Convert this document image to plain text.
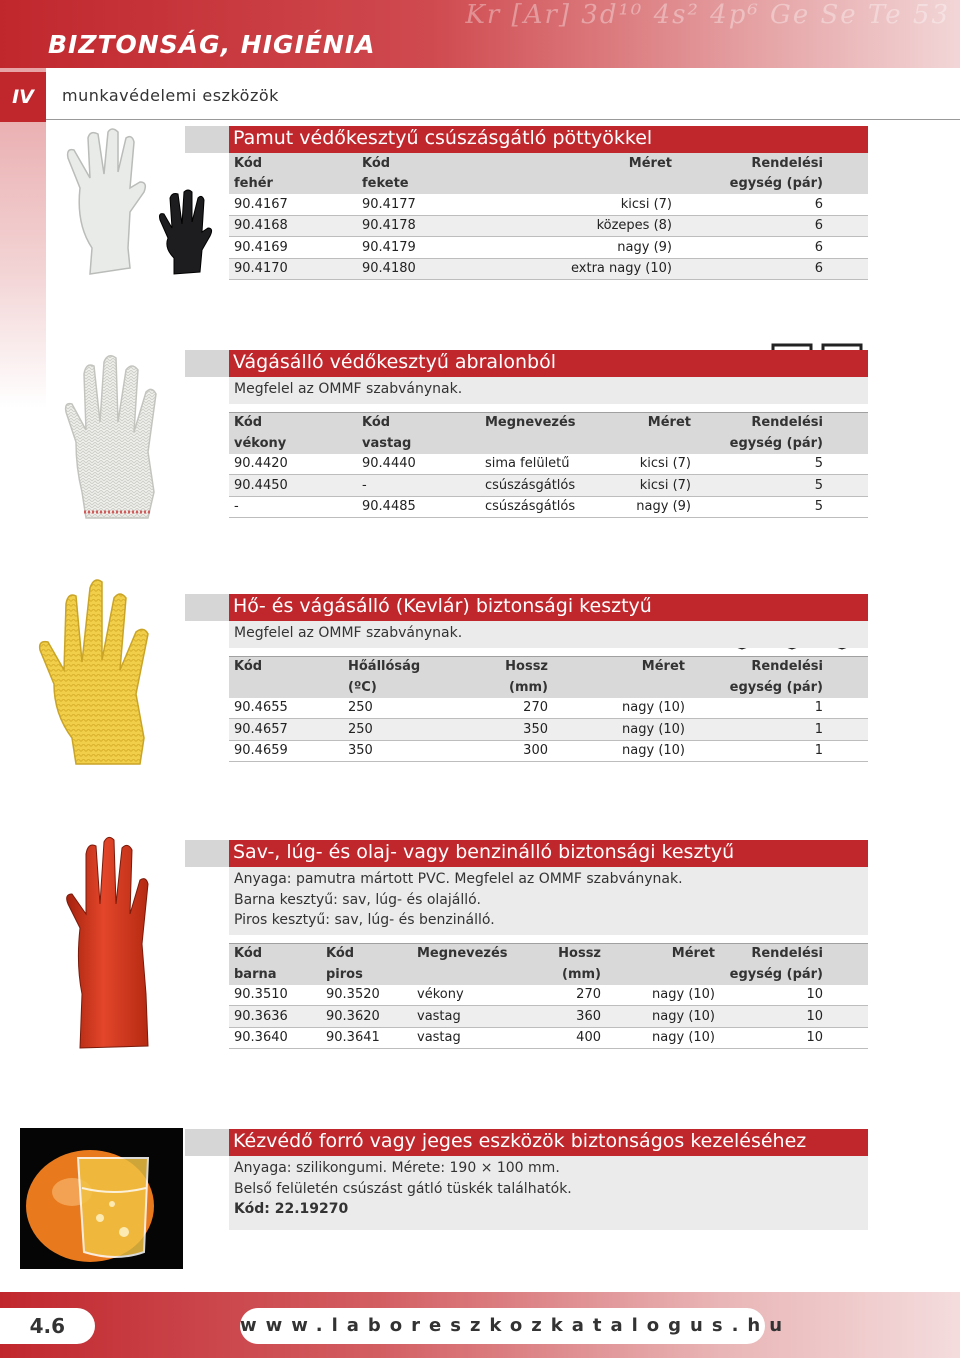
Kr [Ar] 3d¹⁰ 4s² 4p⁶ Ge Se Te 53
BIZTONSÁG, HIGIÉNIA
IV	munkavédelemi eszközök
Pamut védőkesztyű csúszásgátló pöttyökkel
Kód	Kód	Méret	Rendelési	
fehér	fekete		egység (pár)	
90.4167	90.4177	kicsi (7)	6	
90.4168	90.4178	közepes (8)	6	
90.4169	90.4179	nagy (9)	6	
90.4170	90.4180	extra nagy (10)	6	
Vágásálló védőkesztyű abralonból

Megfelel az OMMF szabványnak.

Kód	Kód	Megnevezés	Méret	Rendelési	
vékony	vastag			egység (pár)	
90.4420	90.4440	sima felületű	kicsi (7)	5	
90.4450	-	csúszásgátlós	kicsi (7)	5	
-	90.4485	csúszásgátlós	nagy (9)	5	
Hő- és vágásálló (Kevlár) biztonsági kesztyű

Megfelel az OMMF szabványnak.

Kód	Hőállóság	Hossz	Méret	Rendelési	
	(ºC)	(mm)		egység (pár)	
90.4655	250	270	nagy (10)	1	
90.4657	250	350	nagy (10)	1	
90.4659	350	300	nagy (10)	1	
Sav-, lúg- és olaj- vagy benzinálló biztonsági kesztyű

Anyaga: pamutra mártott PVC. Megfelel az OMMF szabványnak.

Barna kesztyű: sav, lúg- és olajálló.

Piros kesztyű: sav, lúg- és benzinálló.

Kód	Kód	Megnevezés	Hossz	Méret	Rendelési	
barna	piros		(mm)		egység (pár)	
90.3510	90.3520	vékony	270	nagy (10)	10	
90.3636	90.3620	vastag	360	nagy (10)	10	
90.3640	90.3641	vastag	400	nagy (10)	10	
Kézvédő forró vagy jeges eszközök biztonságos kezeléséhez

Anyaga: szilikongumi. Mérete: 190 × 100 mm.

Belső felületén csúszást gátló tüskék találhatók.

Kód: 22.19270

4.6	www.laboreszkozkatalogus.hu
